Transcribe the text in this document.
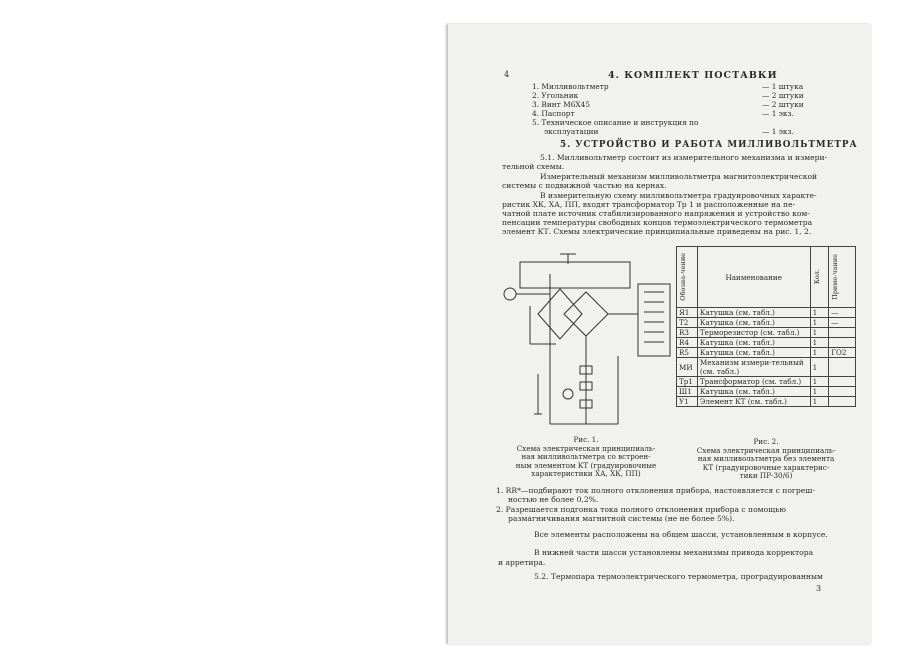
4	4. КОМПЛЕКТ ПОСТАВКИ
1. Милливольтметр	— 1 штука
2. Угольник	— 2 штуки
3. Винт М6Х45	— 2 штуки
4. Паспорт	— 1 экз.
5. Техническое описание и инструкция по
эксплуатации	— 1 экз.
5. УСТРОЙСТВО И РАБОТА МИЛЛИВОЛЬТМЕТРА
5.1. Милливольтметр состоит из измерительного механизма и измери-
тельной схемы.
Измерительный механизм милливольтметра магнитоэлектрической
системы с подвижной частью на кернах.
В измерительную схему милливольтметра градуировочных характе-
ристик ХК, ХА, ПП, входят трансформатор Тр 1 и расположенные на пе-
чатной плате источник стабилизированного напряжения и устройство ком-
пенсации температуры свободных концов термоэлектрического термометра
элемент КТ. Схемы электрические принципиальные приведены на рис. 1, 2.
Обозна-чение	Наименование	Кол.	Приме-чание

Я1	Катушка (см. табл.)	1	—
Т2	Катушка (см. табл.)	1	—
R3	Терморезистор (см. табл.)	1	
R4	Катушка (см. табл.)	1	
R5	Катушка (см. табл.)	1	ГО2
МИ	Механизм измери-тельный (см. табл.)	1	
Тр1	Трансформатор (см. табл.)	1	
Ш1	Катушка (см. табл.)	1	
У1	Элемент КТ (см. табл.)	1	
Рис. 1.
Схема электрическая принципиаль-
ная милливольтметра со встроен-
ным элементом КТ (градуировочные
характеристики ХА, ХК, ПП)
Рис. 2.
Схема электрическая принципиаль-
ная милливольтметра без элемента
КТ (градуировочные характерис-
тики ПР-30/6)
1. RR*—подбирают ток полного отклонения прибора, настоявляется с погреш-
ностью не более 0,2%.
2. Разрешается подгонка тока полного отклонения прибора с помощью
размагничивания магнитной системы (не не более 5%).
Все элементы расположены на общем шасси, установленным в корпусе.
В нижней части шасси установлены механизмы привода корректора
и арретира.
5.2. Термопара термоэлектрического термометра, проградуированным
3
